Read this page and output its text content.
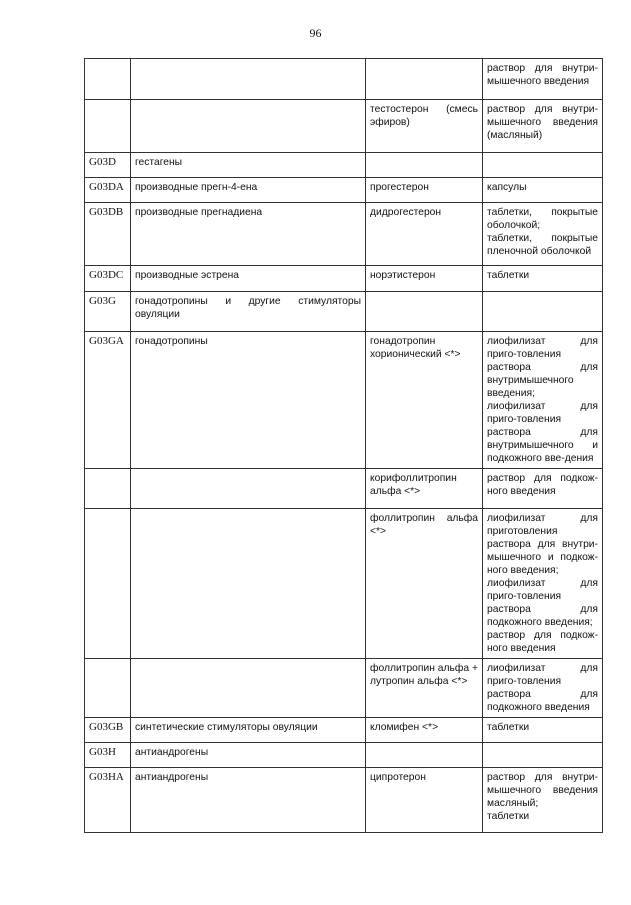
96

			раствор для внутри-мышечного введения

		тестостерон (смесь эфиров)	раствор для внутри-мышечного введения (масляный)

G03D	гестагены		
G03DA	производные прегн-4-ена	прогестерон	капсулы

G03DB	производные прегнадиена	дидрогестерон	таблетки, покрытые оболочкой;
таблетки, покрытые пленочной оболочкой

G03DC	производные эстрена	норэтистерон	таблетки

G03G	гонадотропины и другие стимуляторы овуляции		
G03GA	гонадотропины	гонадотропин хорионический <*>	лиофилизат для приго-товления раствора для внутримышечного введения;
лиофилизат для приго-товления раствора для внутримышечного и подкожного вве-дения

		корифоллитропин альфа <*>	раствор для подкож-ного введения

		фоллитропин альфа <*>	лиофилизат для приготовления раствора для внутри-мышечного и подкож-ного введения;
лиофилизат для приго-товления раствора для подкожного введения;
раствор для подкож-ного введения

		фоллитропин альфа + лутропин альфа <*>	лиофилизат для приго-товления раствора для подкожного введения

G03GB	синтетические стимуляторы овуляции	кломифен <*>	таблетки

G03H	антиандрогены		
G03HA	антиандрогены	ципротерон	раствор для внутри-мышечного введения масляный;
таблетки
